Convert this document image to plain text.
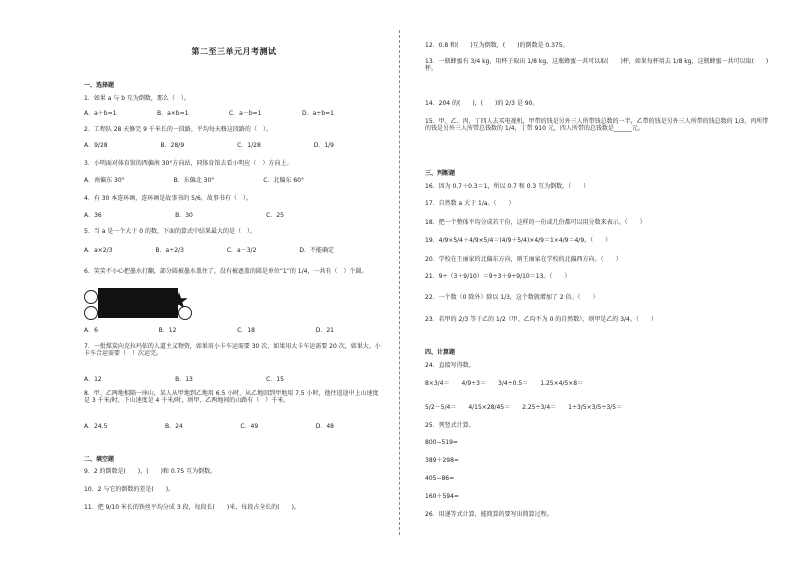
第二至三单元月考测试
一、选择题
1．如果 a 与 b 互为倒数，那么（　）。
A．a＋b=1	B．a×b=1	C．a－b=1	D．a÷b=1
2．工程队 28 天修完 9 千米长的一段路，平均每天修这段路的（　）。
A．9/28	B．28/9	C．1/28	D．1/9
3．小明面对体育馆的西偏南 30°方向站，同体育馆去看小明应（　）方向上。
A．南偏东 30°	B．东偏北 30°	C．北偏东 60°
4．有 30 本连环画，连环画是故事书的 5/6，故事书有（　）。
A．36	B．30	C．25
5．当 a 是一个大于 0 的数，下面的算式中结果最大的是（　）。
A．a×2/3	B．a÷2/3	C．a－3/2	D．不能确定
6．笑笑不小心把墨水打翻，部分圆被墨水盖住了，没有被遮盖的圆是单位“1”的 1/4，一共有（　）个圆。
A．6	B．12	C．18	D．21
7．一批煤炭向克拉玛依的人道主义物资，如果用小卡车运需要 30 次，如果用大卡车运需要 20 次，如果大、小卡车合运需要（　）次运完。
A．12	B．13	C．15
8．甲、乙两地相隔一座山，某人从甲地到乙地用 6.5 小时，从乙地回到甲地用 7.5 小时，他往返途中上山速度是 3 千米/时，下山速度是 4 千米/时，则甲、乙两地间的山路有（　）千米。
A．24.5	B．24	C．49	D．48
二、填空题
9．2 的倒数是(　　)，(　　)和 0.75 互为倒数。
10．2 与它的倒数的差是(　　)。
11．把 9/10 米长的铁丝平均分成 3 段，每段长(　　)米，每段占全长的(　　)。
12．0.8 和(　　)互为倒数，(　　)的倒数是 0.375。
13．一瓶蜂蜜有 3/4 kg，用杯子取出 1/8 kg，这瓶蜂蜜一共可以取(　　)杯，如果每杯用去 1/8 kg，这瓶蜂蜜一共可以取(　　)杯。
14．204 的(　　)，(　　)的 2/3 是 90。
15．甲、乙、丙、丁四人去买电视机，甲带的钱是另外三人所带钱总数的一半，乙带的钱是另外三人所带的钱总数的 1/3，丙所带的钱是另外三人所带总钱数的 1/4，丁带 910 元，四人所带的总钱数是______元。
三、判断题
16．因为 0.7＋0.3＝1，所以 0.7 和 0.3 互为倒数。（　　）
17．自然数 a 大于 1/a。（　　）
18．把一个整体平均分成若干份，这样的一份或几份都可以用分数来表示。（　　）
19．4/9×5/4＋4/9×5/4＝(4/9＋5/4)×4/9＝1×4/9＝4/9。（　　）
20．学校在王丽家的北偏东方向，则王丽家在学校的北偏西方向。（　　）
21．9÷（3＋9/10）＝9÷3＋9÷9/10＝13。（　　）
22．一个数（0 除外）除以 1/3，这个数就增加了 2 倍。（　　）
23．若甲的 2/3 等于乙的 1/2（甲、乙均不为 0 的自然数），则甲是乙的 3/4。（　　）
四、计算题
24．直接写得数。
8×3/4＝　　4/9÷3＝　　3/4÷0.5＝　　1.25×4/5×8＝
5/2－5/4＝　　4/15×28/45＝　　2.25÷3/4＝　　1÷3/5×3/5÷3/5＝
25．列竖式计算。
800−519=
389＋298=
405−86=
160＋594=
26．用递等式计算，能简算的要写出简算过程。
